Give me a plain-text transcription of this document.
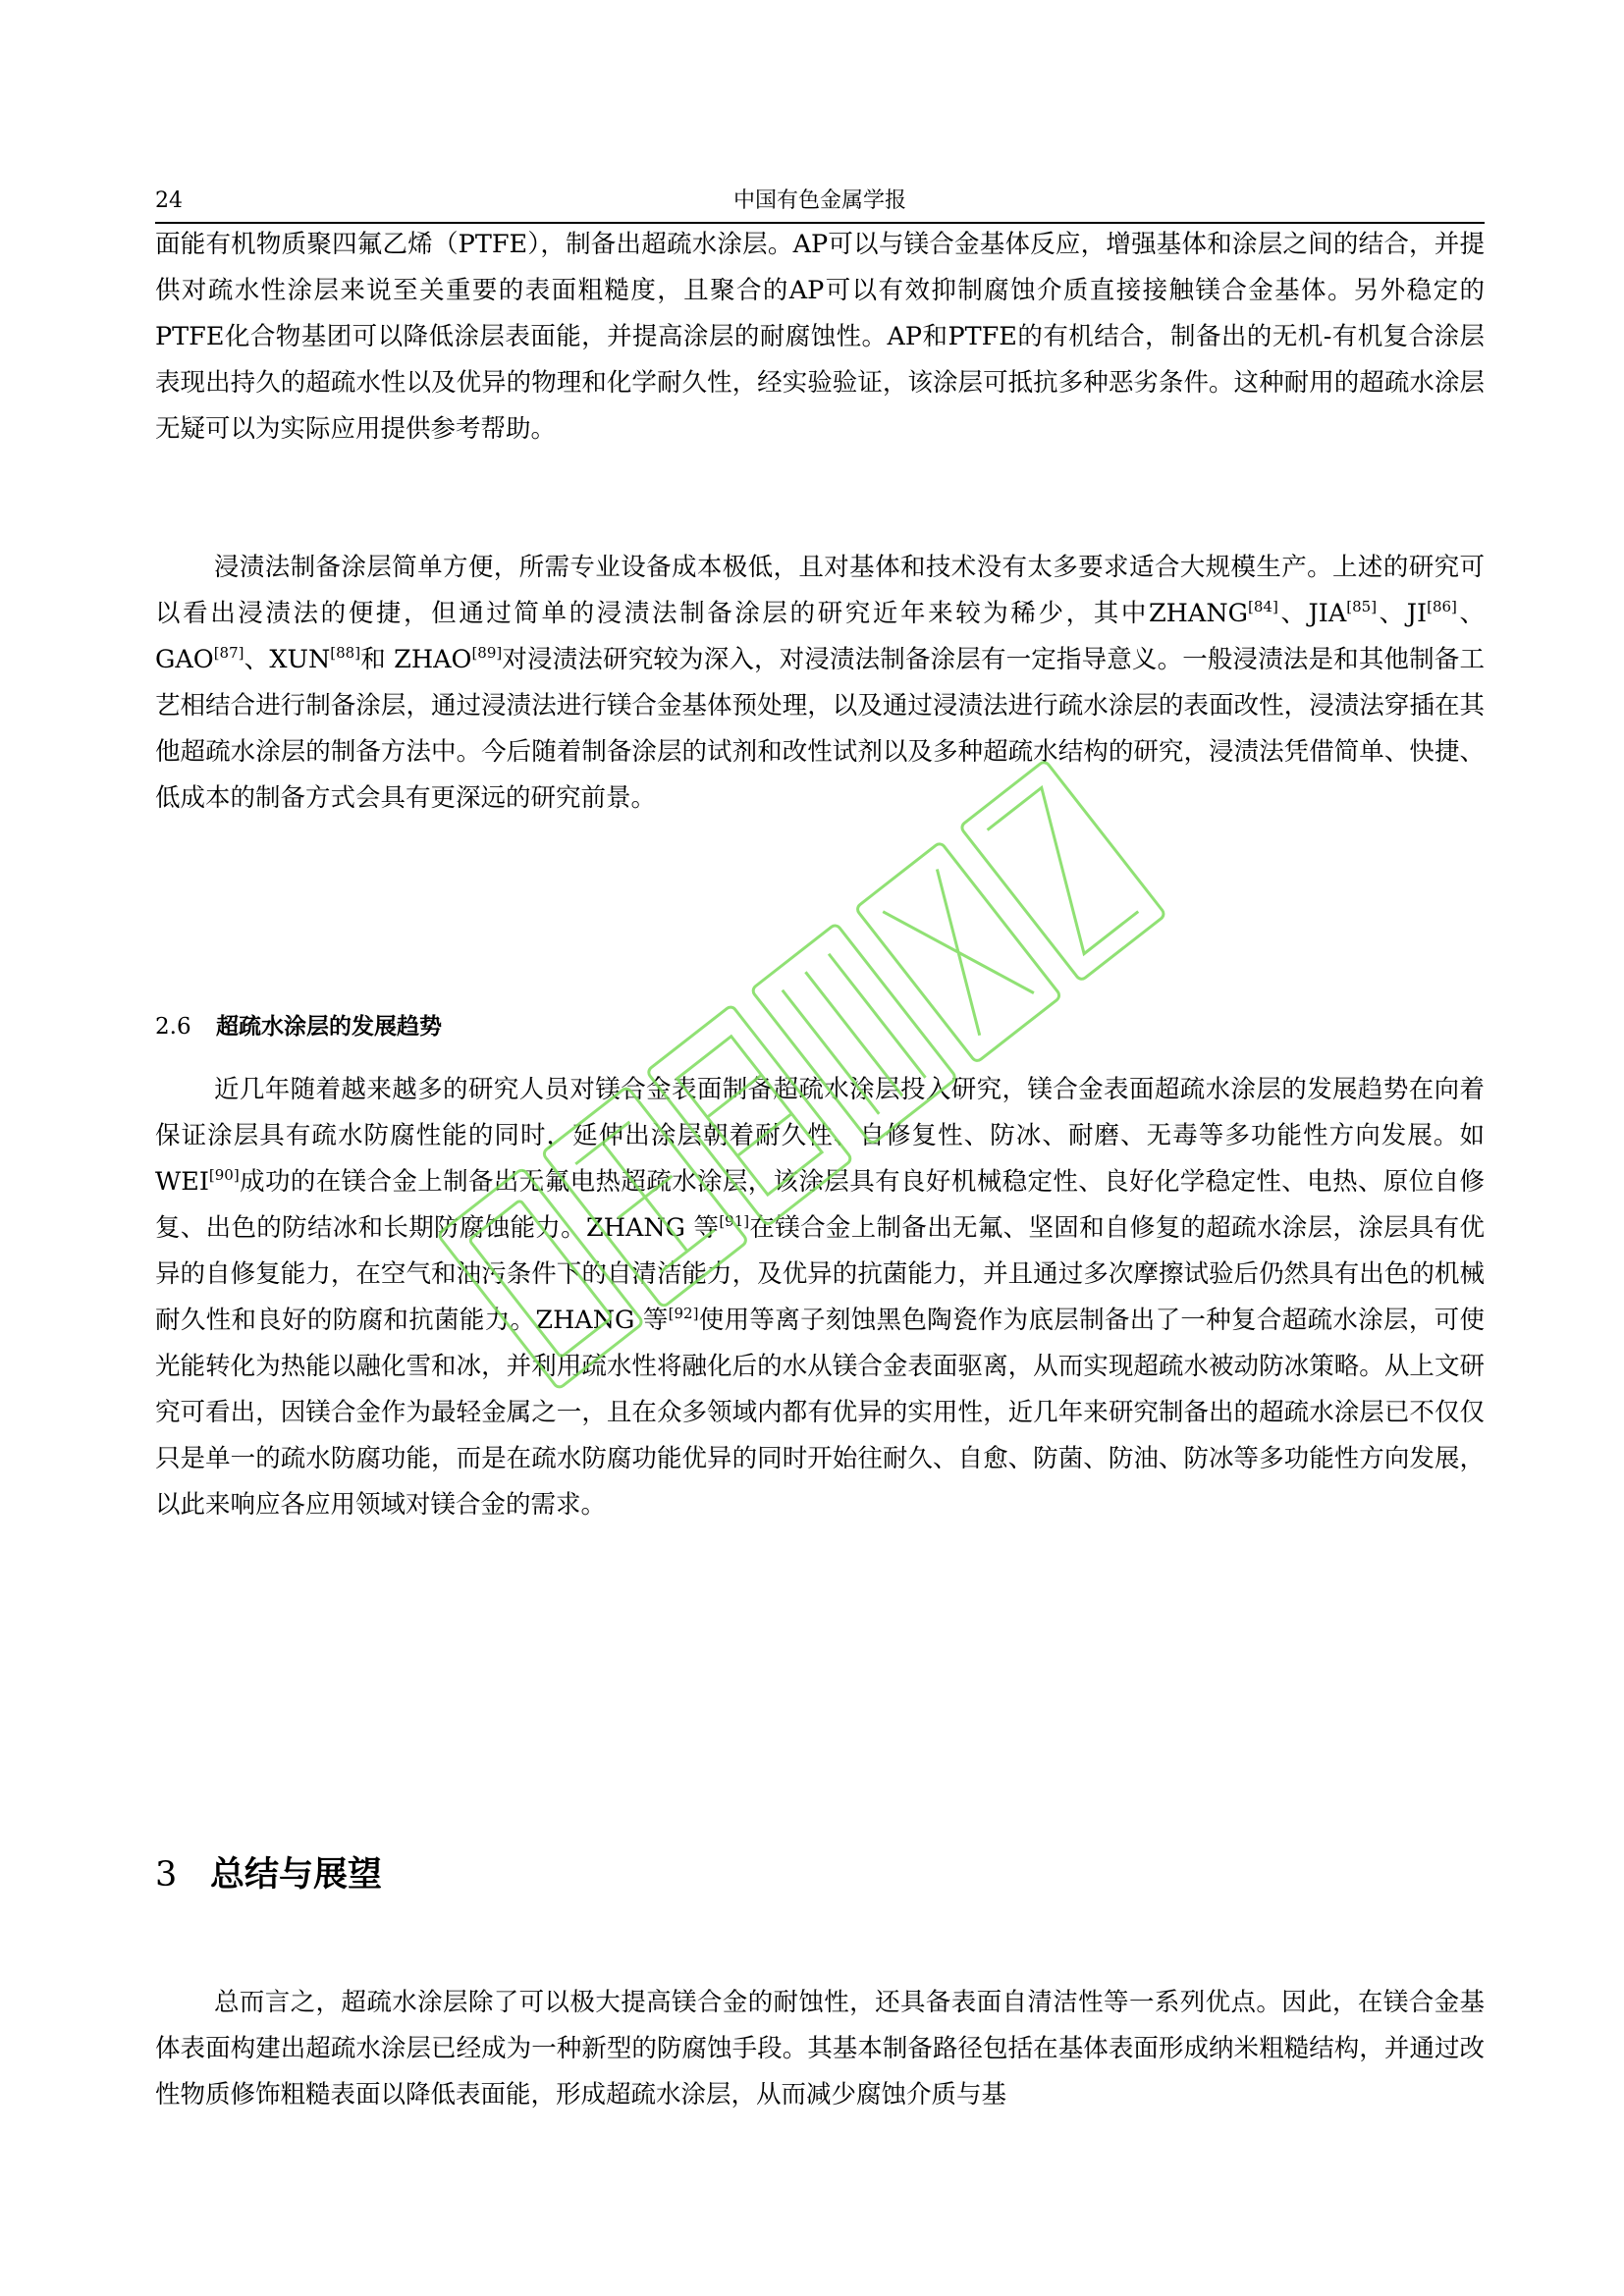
24	中国有色金属学报

面能有机物质聚四氟乙烯（PTFE），制备出超疏水涂层。AP可以与镁合金基体反应，增强基体和涂层之间的结合，并提供对疏水性涂层来说至关重要的表面粗糙度，且聚合的AP可以有效抑制腐蚀介质直接接触镁合金基体。另外稳定的PTFE化合物基团可以降低涂层表面能，并提高涂层的耐腐蚀性。AP和PTFE的有机结合，制备出的无机-有机复合涂层表现出持久的超疏水性以及优异的物理和化学耐久性，经实验验证，该涂层可抵抗多种恶劣条件。这种耐用的超疏水涂层无疑可以为实际应用提供参考帮助。

浸渍法制备涂层简单方便，所需专业设备成本极低，且对基体和技术没有太多要求适合大规模生产。上述的研究可以看出浸渍法的便捷，但通过简单的浸渍法制备涂层的研究近年来较为稀少，其中ZHANG[84]、JIA[85]、JI[86]、GAO[87]、XUN[88]和 ZHAO[89]对浸渍法研究较为深入，对浸渍法制备涂层有一定指导意义。一般浸渍法是和其他制备工艺相结合进行制备涂层，通过浸渍法进行镁合金基体预处理，以及通过浸渍法进行疏水涂层的表面改性，浸渍法穿插在其他超疏水涂层的制备方法中。今后随着制备涂层的试剂和改性试剂以及多种超疏水结构的研究，浸渍法凭借简单、快捷、低成本的制备方式会具有更深远的研究前景。

2.6 超疏水涂层的发展趋势

近几年随着越来越多的研究人员对镁合金表面制备超疏水涂层投入研究，镁合金表面超疏水涂层的发展趋势在向着保证涂层具有疏水防腐性能的同时，延伸出涂层朝着耐久性、自修复性、防冰、耐磨、无毒等多功能性方向发展。如 WEI[90]成功的在镁合金上制备出无氟电热超疏水涂层，该涂层具有良好机械稳定性、良好化学稳定性、电热、原位自修复、出色的防结冰和长期防腐蚀能力。ZHANG 等[91]在镁合金上制备出无氟、坚固和自修复的超疏水涂层，涂层具有优异的自修复能力，在空气和油污条件下的自清洁能力，及优异的抗菌能力，并且通过多次摩擦试验后仍然具有出色的机械耐久性和良好的防腐和抗菌能力。ZHANG 等[92]使用等离子刻蚀黑色陶瓷作为底层制备出了一种复合超疏水涂层，可使光能转化为热能以融化雪和冰，并利用疏水性将融化后的水从镁合金表面驱离，从而实现超疏水被动防冰策略。从上文研究可看出，因镁合金作为最轻金属之一，且在众多领域内都有优异的实用性，近几年来研究制备出的超疏水涂层已不仅仅只是单一的疏水防腐功能，而是在疏水防腐功能优异的同时开始往耐久、自愈、防菌、防油、防冰等多功能性方向发展，以此来响应各应用领域对镁合金的需求。

3 总结与展望

总而言之，超疏水涂层除了可以极大提高镁合金的耐蚀性，还具备表面自清洁性等一系列优点。因此，在镁合金基体表面构建出超疏水涂层已经成为一种新型的防腐蚀手段。其基本制备路径包括在基体表面形成纳米粗糙结构，并通过改性物质修饰粗糙表面以降低表面能，形成超疏水涂层，从而减少腐蚀介质与基
